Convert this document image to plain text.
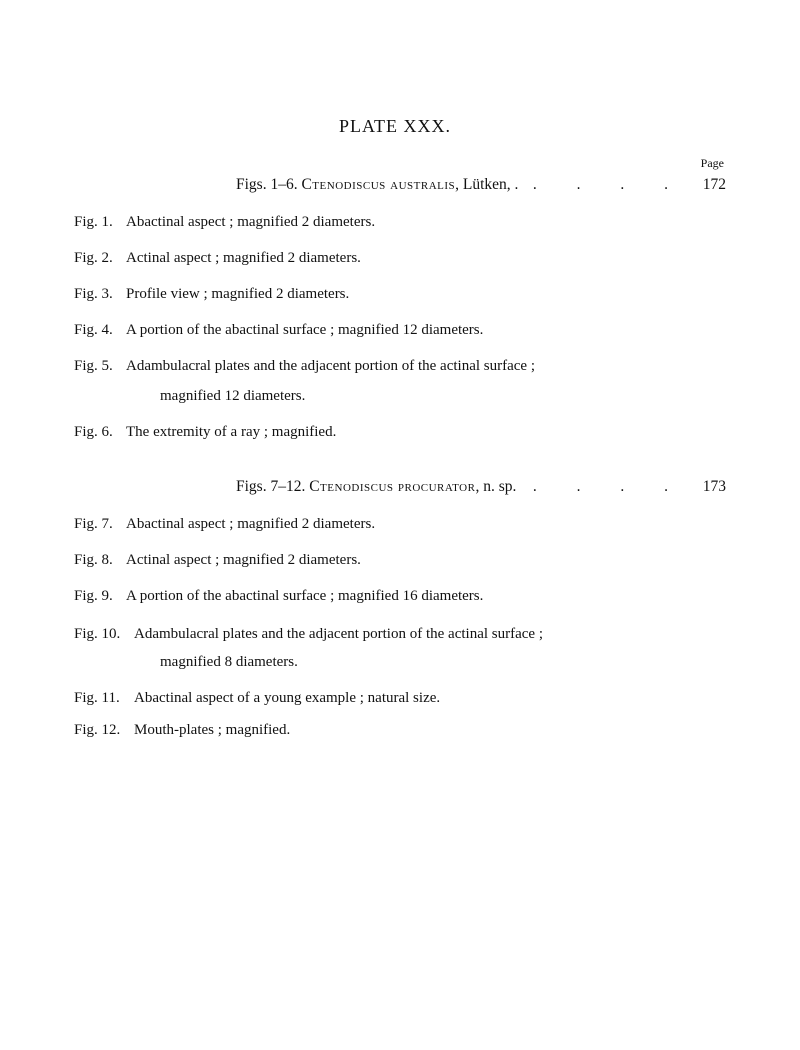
PLATE XXX.
Page
Figs. 1–6.
Ctenodiscus australis , Lütken, . . . . .	172
Fig. 1. Abactinal aspect ; magnified 2 diameters.
Fig. 2. Actinal aspect ; magnified 2 diameters.
Fig. 3. Profile view ; magnified 2 diameters.
Fig. 4. A portion of the abactinal surface ; magnified 12 diameters.
Fig. 5. Adambulacral plates and the adjacent portion of the actinal surface ;
magnified 12 diameters.
Fig. 6. The extremity of a ray ; magnified.
Figs. 7–12.
Ctenodiscus procurator , n. sp.	. . . .	173
Fig. 7. Abactinal aspect ; magnified 2 diameters.
Fig. 8. Actinal aspect ; magnified 2 diameters.
Fig. 9. A portion of the abactinal surface ; magnified 16 diameters.
Fig. 10. Adambulacral plates and the adjacent portion of the actinal surface ;
magnified 8 diameters.
Fig. 11. Abactinal aspect of a young example ; natural size.
Fig. 12. Mouth-plates ; magnified.
